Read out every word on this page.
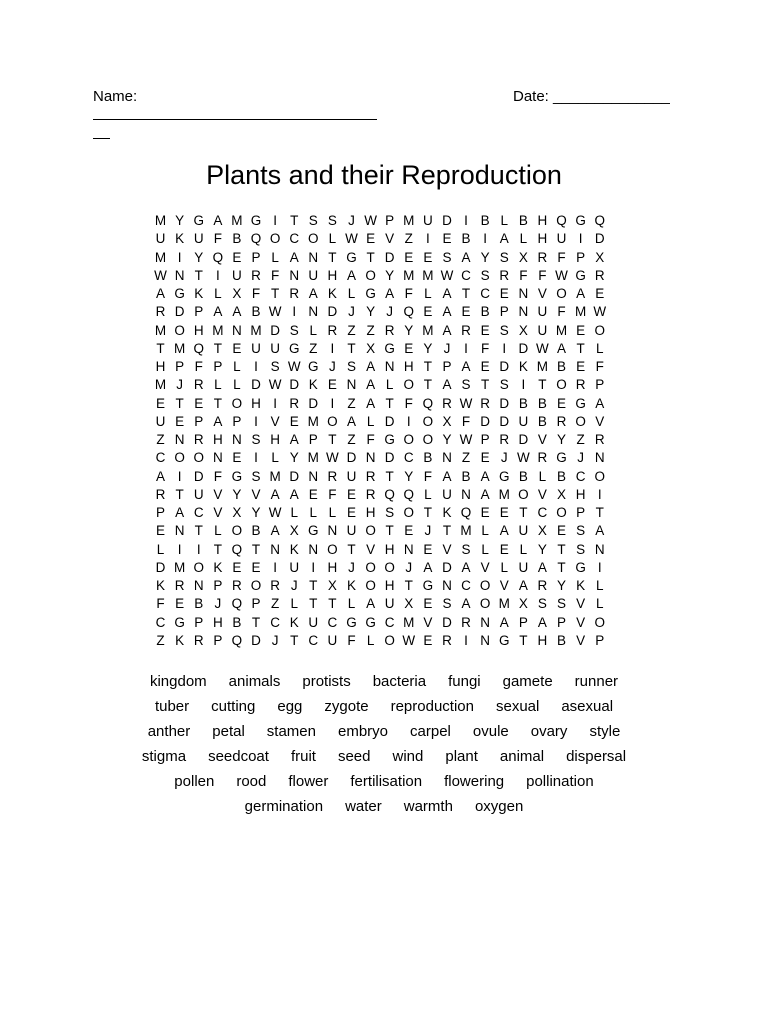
Name:	Date: ______________
Plants and their Reproduction
M Y G A M G I T S S J W P M U D I B L B H Q G Q
U K U F B Q O C O L W E V Z I E B I A L H U I D
M I Y Q E P L A N T G T D E E S A Y S X R F P X
W N T I U R F N U H A O Y M M W C S R F F W G R
A G K L X F T R A K L G A F L A T C E N V O A E
R D P A A B W I N D J Y J Q E A E B P N U F M W
M O H M N M D S L R Z Z R Y M A R E S X U M E O
T M Q T E U U G Z I T X G E Y J	I F I D W A T L
H P F P L I S W G J S A N H T P A E D K M B E F
M J R L L D W D K E N A L O T A S T S I T O R P
E T E T O H I R D I Z A T F Q R W R D B B E G A
U E P A P I V E M O A L D I O X F D D U B R O V
Z N R H N S H A P T Z F G O O Y W P R D V Y Z R
C O O N E I L Y M W D N D C B N Z E J W R G J N
A I D F G S M D N R U R T Y F A B A G B L B C O
R T U V Y V A A E F E R Q Q L U N A M O V X H I
P A C V X Y W L L L E H S O T K Q E E T C O P T
E N T L O B A X G N U O T E J T M L A U X E S A
L I	I T Q T N K N O T V H N E V S L E L Y T S N
D M O K E E I U I H J O O J A D A V L U A T G I
K R N P R O R J T X K O H T G N C O V A R Y K L
F E B J Q P Z L T T L A U X E S A O M X S S V L
C G P H B T C K U C G G C M V D R N A P A P V O
Z K R P Q D J T C U F L O W E R I N G T H B V P
kingdom animals protists bacteria fungi gamete runner
tuber cutting egg zygote reproduction sexual asexual
anther petal stamen embryo carpel ovule ovary style
stigma seedcoat fruit seed wind plant animal dispersal
pollen rood flower fertilisation flowering pollination
germination water warmth oxygen
